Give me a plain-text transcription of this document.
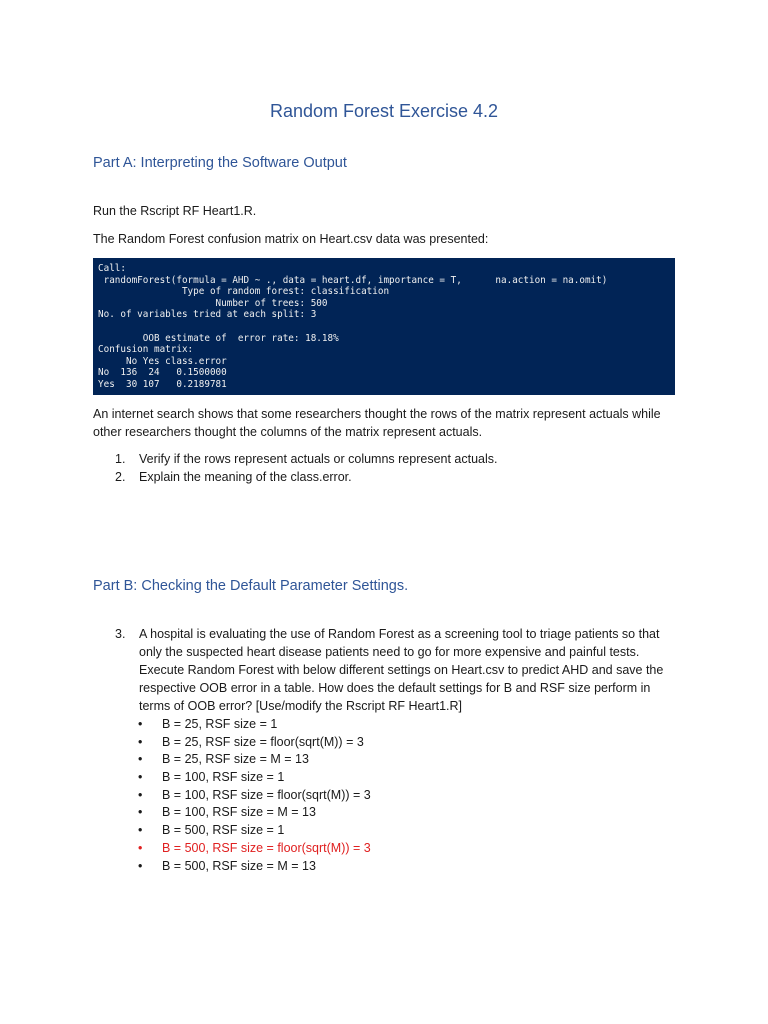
Random Forest Exercise 4.2
Part A: Interpreting the Software Output
Run the Rscript RF Heart1.R.
The Random Forest confusion matrix on Heart.csv data was presented:
Call:
randomForest(formula = AHD ~ ., data = heart.df, importance = T,      na.action = na.omit)
Type of random forest: classification
Number of trees: 500
No. of variables tried at each split: 3
OOB estimate of  error rate: 18.18%
Confusion matrix:
No Yes class.error
No  136  24   0.1500000
Yes  30 107   0.2189781
An internet search shows that some researchers thought the rows of the matrix represent actuals while other researchers thought the columns of the matrix represent actuals.
1. Verify if the rows represent actuals or columns represent actuals.
2. Explain the meaning of the class.error.
Part B: Checking the Default Parameter Settings.
3. A hospital is evaluating the use of Random Forest as a screening tool to triage patients so that only the suspected heart disease patients need to go for more expensive and painful tests. Execute Random Forest with below different settings on Heart.csv to predict AHD and save the respective OOB error in a table. How does the default settings for B and RSF size perform in terms of OOB error? [Use/modify the Rscript RF Heart1.R]
• B = 25, RSF size = 1
• B = 25, RSF size = floor(sqrt(M)) = 3
• B = 25, RSF size = M = 13
• B = 100, RSF size = 1
• B = 100, RSF size = floor(sqrt(M)) = 3
• B = 100, RSF size = M = 13
• B = 500, RSF size = 1
• B = 500, RSF size = floor(sqrt(M)) = 3
• B = 500, RSF size = M = 13
